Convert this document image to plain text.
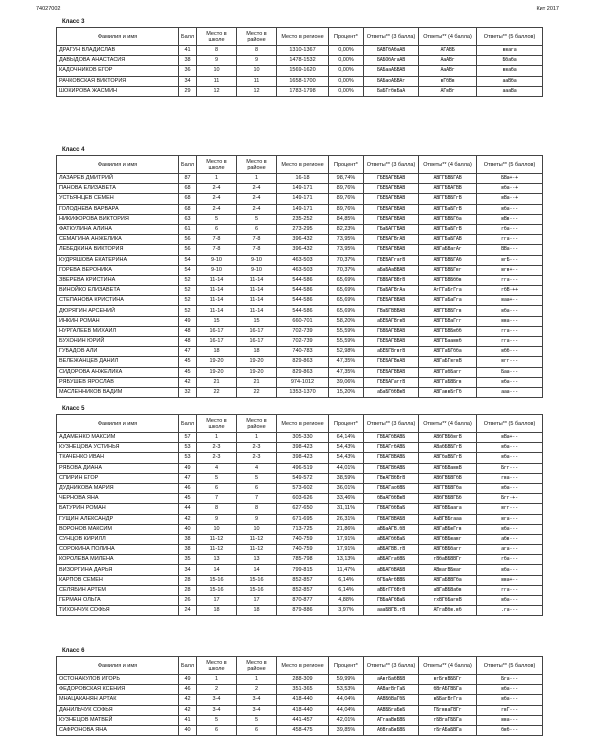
74027002	Кит 2017
Класс 3
Фамилия и имя	Балл	Место в школе	Место в районе	Место в регионе	Процент*	Ответы** (3 балла)	Ответы** (4 балла)	Ответы** (5 баллов)
ДРАГУН ВЛАДИСЛАВ	41	8	8	1310-1367	0,00%	БАВГбАбаАВ	АГАВБ	ввага
ДАВЫДОВА АНАСТАСИЯ	38	9	9	1478-1532	0,00%	БАБОбАгаАВ	АаАВг	Ббаба
КАДОЧНИКОВ ЕГОР	36	10	10	1569-1620	0,00%	БАБааАБВАВ	АаАВг	вваба
РАЧКОВСКАЯ ВИКТОРИЯ	34	11	11	1658-1700	0,00%	БАБаоАБВАг	вГбВв	ааВба
ШОКИРОВА ЖАСМИН	29	12	12	1783-1798	0,00%	БаБГгбвБаА	АГвВг	аааВа
Класс 4
Фамилия и имя	Балл	Место в школе	Место в районе	Место в регионе	Процент*	Ответы** (3 балла)	Ответы** (4 балла)	Ответы** (5 баллов)
ЛАЗАРЕВ ДМИТРИЙ	87	1	1	16-18	98,74%	ГБЕБАГВБАВ	АВГГБВБГАВ	БВа+-+
ПАНОВА ЕЛИЗАВЕТА	68	2-4	2-4	149-171	89,76%	ГБЕБАГВВАВ	АВГГБВАГВВ	вба--+
УСТЬЯНЦЕВ СЕМЕН	68	2-4	2-4	149-171	89,76%	ГБЕБАГВВАВ	АВГГБВБГгВ	вВа--+
ГОЛОДНЕВА ВАРВАРА	68	2-4	2-4	149-171	89,76%	ГБЕБАГВВАВ	АВГГБаБГгВ	вба---
НИКИФОРОВА ВИКТОРИЯ	63	5	5	235-252	84,85%	ГБЕБАГВВАВ	АВГГБВБГба	вВв---
ФАТКУЛИНА АЛИНА	61	6	6	273-295	82,23%	ГБаБАГГВАВ	АВГГБаБГгВ	гба---
СЕМАГИНА АНЖЕЛИКА	56	7-8	7-8	396-432	73,95%	ГБЕБАГВгАВ	АВГГБаБГАВ	гга---
ЛЕБЕДКИНА ВИКТОРИЯ	56	7-8	7-8	396-432	73,95%	ГБЕБАГВВАВ	АВГаБВагАг	ВВа---
КУДРЯШОВА ЕКАТЕРИНА	54	9-10	9-10	463-503	70,37%	ГБЕБАГгагВ	АВГГБВБГАб	вгБ---
ГОРЕВА ВЕРОНИКА	54	9-10	9-10	463-503	70,37%	аБаБАаВВАВ	АВГГБВБГвг	вгв+--
ЗВЕРЕВА КРИСТИНА	52	11-14	11-14	544-586	65,69%	ГБВБАГВВгВ	АВГГБВБббв	гга---
ВИНОЙКО ЕЛИЗАВЕТА	52	11-14	11-14	544-586	65,69%	ГБаБАГВгАа	АгГГаБгГга	гбВ-++
СТЕПАНОВА КРИСТИНА	52	11-14	11-14	544-586	65,69%	ГБЕБАГВВАВ	АВГГаБаГга	ваа+--
ДЮРЯГИН АРСЕНИЙ	52	11-14	11-14	544-586	65,69%	ГВаБГВВВАВ	АВГГБВБГгв	вба---
ИНКИН РОМАН	49	15	15	660-701	58,20%	аБЕБАГВгвВ	АВГГБВаГгг	вва---
НУРГАЛЕЕВ МИХАИЛ	48	16-17	16-17	702-739	55,59%	ГБВБАГВВАВ	АВГГБВБвбб	гга---
БУХОНИН ЮРИЙ	48	16-17	16-17	702-739	55,59%	ГБЕБАГВВАВ	АВГГБааввб	гга---
ГУБАДОВ АЛИ	47	18	18	740-783	52,98%	аБЕБГВгвгВ	АВГГаБГбба	вбб---
ВЕЛЕЖАНЦЕВ ДАНИЛ	45	19-20	19-20	829-863	47,35%	ГБЕБАГВвАВ	АВГаБГвгвВ	вгг---
СИДОРОВА АНЖЕЛИКА	45	19-20	19-20	829-863	47,35%	ГБЕБАГВВАВ	АВГГабБагг	Баа---
РЯБУШЕВ ЯРОСЛАВ	42	21	21	974-1012	39,06%	ГБЕБАГаггВ	АВГГаБВБгв	вба---
МАСЛЕННИКОВ ВАДИМ	32	22	22	1353-1370	15,20%	аБаБГббВвВ	АВГаввБгГб	ааа---
Класс 5
Фамилия и имя	Балл	Место в школе	Место в районе	Место в регионе	Процент*	Ответы** (3 балла)	Ответы** (4 балла)	Ответы** (5 баллов)
АДАМЕНКО МАКСИМ	57	1	1	305-330	64,14%	ГВБАГбВАВБ	АВбГВБбвгВ	вВа+--
КУЗНЕЦОВА УСТИНЬЯ	53	2-3	2-3	398-423	54,43%	ГВБАГгбАВБ	АВабБВБГгВ	вба---
ТКАЧЕНКО ИВАН	53	2-3	2-3	398-423	54,43%	ГВБАГВВАВБ	АВГбаВБГгВ	вба---
РЯБОВА ДИАНА	49	4	4	496-519	44,01%	ГВБАГВбАВБ	АВГбБВаввВ	Бгг---
СПИРИН ЕГОР	47	5	5	549-572	38,59%	ГВвАГВбВгВ	АВбГВБВГбВ	гва---
ДУДНИКОВА МАРИЯ	46	6	6	573-602	36,01%	ГВБАГаобВБ	АВГГВБВГба	вба---
ЧЕРНОВА ЯНА	45	7	7	603-626	33,46%	бВаАГббВвВ	АВбГВБВГБб	Бгг-+-
БАТУРИН РОМАН	44	8	8	627-650	31,11%	ГВБАГббВаБ	АВГбВБаага	вгг---
ГУЩИН АЛЕКСАНДР	42	9	9	671-695	26,31%	ГВБАГВВАБВ	АаВГВБгааа	вга---
ВОРОНОВ МАКСИМ	40	10	10	713-725	21,86%	аВБаАГВ.бВ	АВГаВБвГгв	вба---
СУНЦОВ КИРИЛЛ	38	11-12	11-12	740-759	17,91%	аВБАГббВаБ	АВГбВБвавг	абв---
СОРОКИНА ПОЛИНА	38	11-12	11-12	740-759	17,91%	аВБАГВВ.гВ	АВГбВБбагг	ага---
КОРОЛЕВА МИЛЕНА	35	13	13	785-798	13,13%	аВБАГгабВБ	гВбаВБВВГг	гба---
ВИЗОРГИНА ДАРЬЯ	34	14	14	799-815	11,47%	аВБАГбВАБВ	АВвагВБвaг	вба---
КАРПОВ СЕМЕН	28	15-16	15-16	852-857	6,14%	бГБаАгбВВБ	АВГаБВВГба	вва+--
СЕЛЯБИН АРТЕМ	28	15-16	15-16	852-857	6,14%	аВБгГГбВгВ	аВГаВБВабв	гга---
ГЕРМАН ОЛЬГА	26	17	17	870-877	4,88%	ГВБаАГбВаБ	гхВГбБагвВ	вба---
ТИХОНЧУК СОФЬЯ	24	18	18	879-886	3,97%	аааБВГВ.гВ	АГгаВбв.вб	.га---
Класс 6
Фамилия и имя	Балл	Место в школе	Место в районе	Место в регионе	Процент*	Ответы** (3 балла)	Ответы** (4 балла)	Ответы** (5 баллов)
ОСТОНАКУЛОВ ИГОРЬ	49	1	1	288-309	59,99%	аАвгБабВБВ	вгБгвВББГг	Бга---
ФЕДОРОВСКАЯ КСЕНИЯ	46	2	2	351-365	53,53%	ААВагВгГаБ	бВгАБГВБГа	вба---
МНАЦАКАНЯН АРТАК	42	3-4	3-4	418-440	44,04%	ААВБбВаГбБ	вББагВгГга	вба---
ДАНИЛЬЧУК СОФЬЯ	42	3-4	3-4	418-440	44,04%	ААВББгаБвБ	ГБгвваГВГг	гвГ---
КУЗНЕЦОВ МАТВЕЙ	41	5	5	441-457	42,01%	АГгааВвБВБ	гБВгаГББГа	вва---
САФРОНОВА ЯНА	40	6	6	458-475	39,85%	АбВгаБвБВБ	гБгАБаБВГа	бвб---
